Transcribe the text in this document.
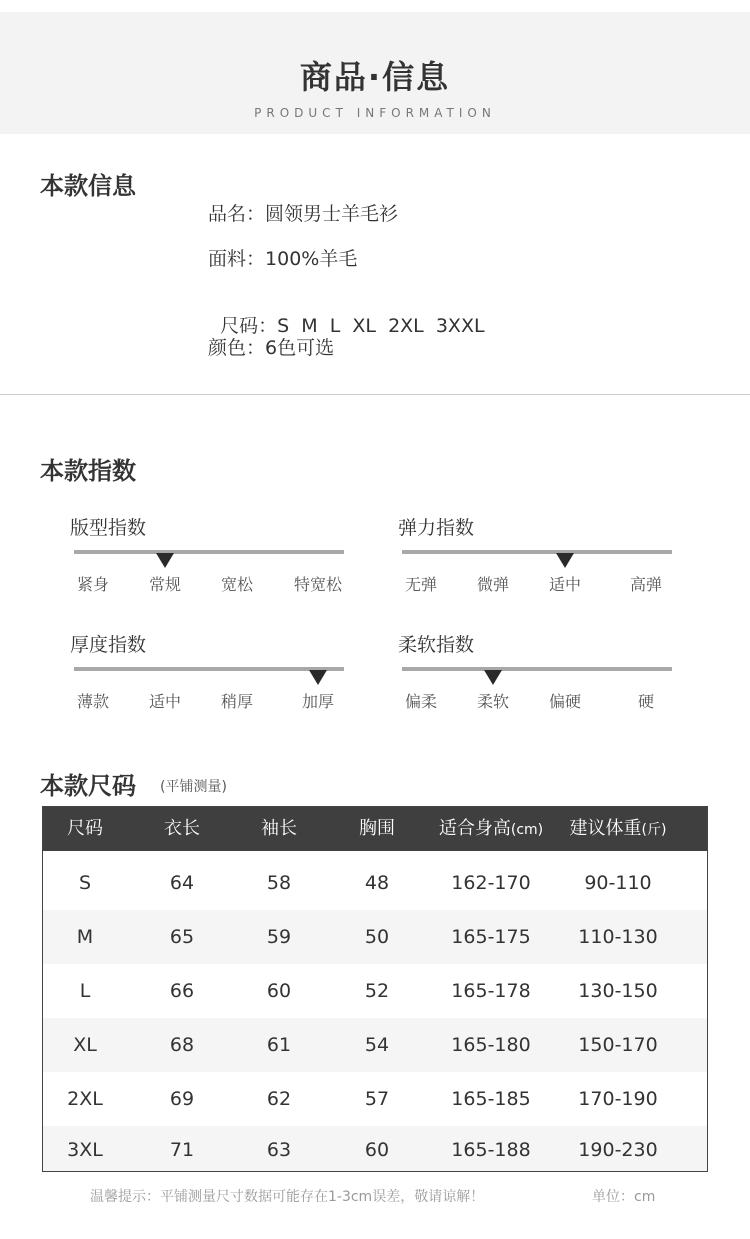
商品·信息
PRODUCT INFORMATION
本款信息
品名：圆领男士羊毛衫
面料：100%羊毛

尺码：S  M  L  XL  2XL  3XXL

颜色：6色可选
本款指数
版型指数
紧身 常规 宽松	特宽松
弹力指数
无弹 微弹 适中	高弹
厚度指数
薄款 适中 稍厚	加厚
柔软指数
偏柔 柔软 偏硬	硬
本款尺码 (平铺测量)
尺码	衣长	袖长	胸围 适合身高(cm) 建议体重(斤)
S	64	58	48	162-170	90-110
M	65	59	50	165-175	110-130
L	66	60	52	165-178	130-150
XL	68	61	54	165-180	150-170
2XL	69	62	57	165-185	170-190
3XL	71	63	60	165-188	190-230
温馨提示：平铺测量尺寸数据可能存在1-3cm误差，敬请谅解！	单位：cm
